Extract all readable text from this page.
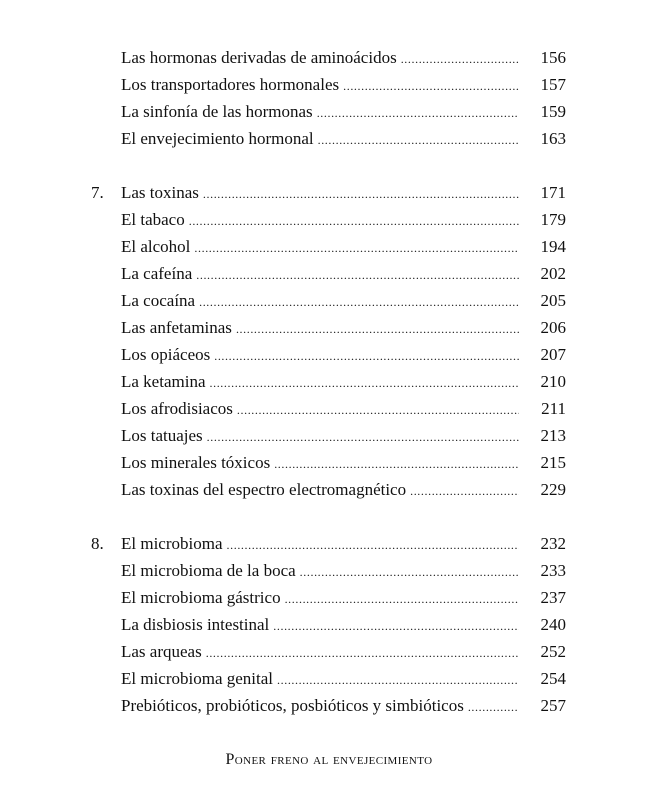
Las hormonas derivadas de aminoácidos .....	156
Los transportadores hormonales .....	157
La sinfonía de las hormonas .....	159
El envejecimiento hormonal .....	163
7. Las toxinas .....	171
El tabaco .....	179
El alcohol .....	194
La cafeína .....	202
La cocaína .....	205
Las anfetaminas .....	206
Los opiáceos .....	207
La ketamina .....	210
Los afrodisiacos .....	211
Los tatuajes .....	213
Los minerales tóxicos .....	215
Las toxinas del espectro electromagnético .....	229
8. El microbioma .....	232
El microbioma de la boca .....	233
El microbioma gástrico .....	237
La disbiosis intestinal .....	240
Las arqueas .....	252
El microbioma genital .....	254
Prebióticos, probióticos, posbióticos y simbióticos .....	257
Poner freno al envejecimiento
